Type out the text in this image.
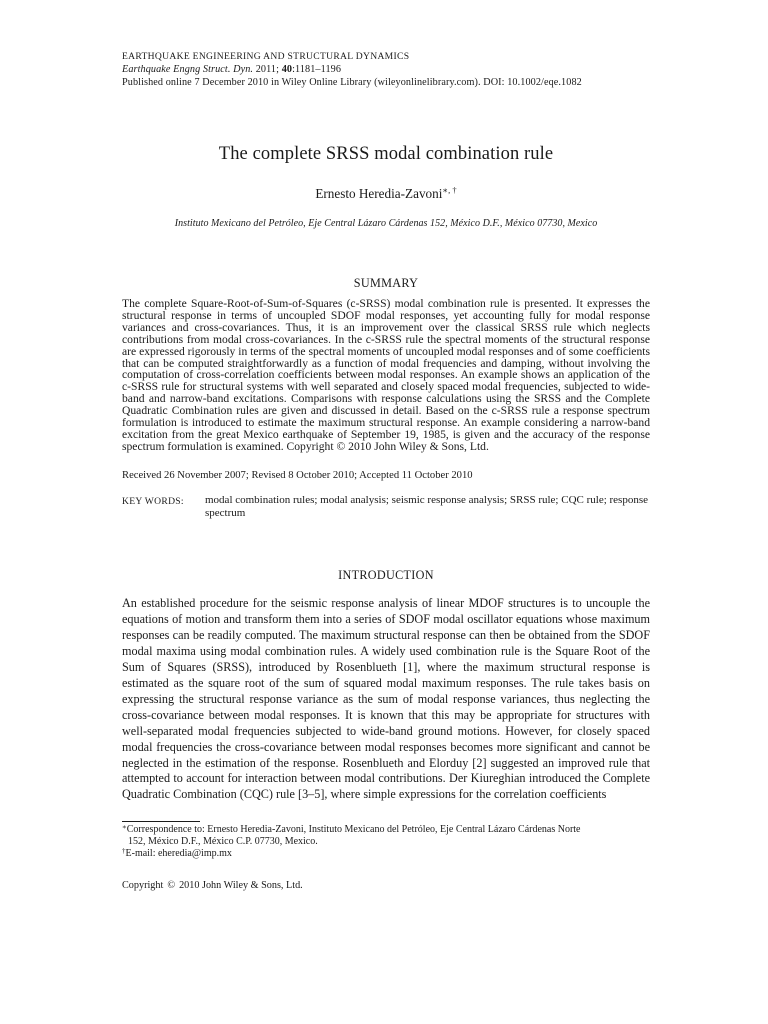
EARTHQUAKE ENGINEERING AND STRUCTURAL DYNAMICS
Earthquake Engng Struct. Dyn. 2011; 40:1181–1196
Published online 7 December 2010 in Wiley Online Library (wileyonlinelibrary.com). DOI: 10.1002/eqe.1082
The complete SRSS modal combination rule
Ernesto Heredia-Zavoni∗, †
Instituto Mexicano del Petróleo, Eje Central Lázaro Cárdenas 152, México D.F., México 07730, Mexico
SUMMARY
The complete Square-Root-of-Sum-of-Squares (c-SRSS) modal combination rule is presented. It expresses the structural response in terms of uncoupled SDOF modal responses, yet accounting fully for modal response variances and cross-covariances. Thus, it is an improvement over the classical SRSS rule which neglects contributions from modal cross-covariances. In the c-SRSS rule the spectral moments of the structural response are expressed rigorously in terms of the spectral moments of uncoupled modal responses and of some coefficients that can be computed straightforwardly as a function of modal frequencies and damping, without involving the computation of cross-correlation coefficients between modal responses. An example shows an application of the c-SRSS rule for structural systems with well separated and closely spaced modal frequencies, subjected to wide-band and narrow-band excitations. Comparisons with response calculations using the SRSS and the Complete Quadratic Combination rules are given and discussed in detail. Based on the c-SRSS rule a response spectrum formulation is introduced to estimate the maximum structural response. An example considering a narrow-band excitation from the great Mexico earthquake of September 19, 1985, is given and the accuracy of the response spectrum formulation is examined. Copyright © 2010 John Wiley & Sons, Ltd.
Received 26 November 2007; Revised 8 October 2010; Accepted 11 October 2010
KEY WORDS:	modal combination rules; modal analysis; seismic response analysis; SRSS rule; CQC rule; response spectrum
INTRODUCTION
An established procedure for the seismic response analysis of linear MDOF structures is to uncouple the equations of motion and transform them into a series of SDOF modal oscillator equations whose maximum responses can be readily computed. The maximum structural response can then be obtained from the SDOF modal maxima using modal combination rules. A widely used combination rule is the Square Root of the Sum of Squares (SRSS), introduced by Rosenblueth [1], where the maximum structural response is estimated as the square root of the sum of squared modal maximum responses. The rule takes basis on expressing the structural response variance as the sum of modal response variances, thus neglecting the cross-covariance between modal responses. It is known that this may be appropriate for structures with well-separated modal frequencies subjected to wide-band ground motions. However, for closely spaced modal frequencies the cross-covariance between modal responses becomes more significant and cannot be neglected in the estimation of the response. Rosenblueth and Elorduy [2] suggested an improved rule that attempted to account for interaction between modal contributions. Der Kiureghian introduced the Complete Quadratic Combination (CQC) rule [3–5], where simple expressions for the correlation coefficients
∗Correspondence to: Ernesto Heredia-Zavoni, Instituto Mexicano del Petróleo, Eje Central Lázaro Cárdenas Norte
152, México D.F., México C.P. 07730, Mexico.
†E-mail: eheredia@imp.mx
Copyright © 2010 John Wiley & Sons, Ltd.
